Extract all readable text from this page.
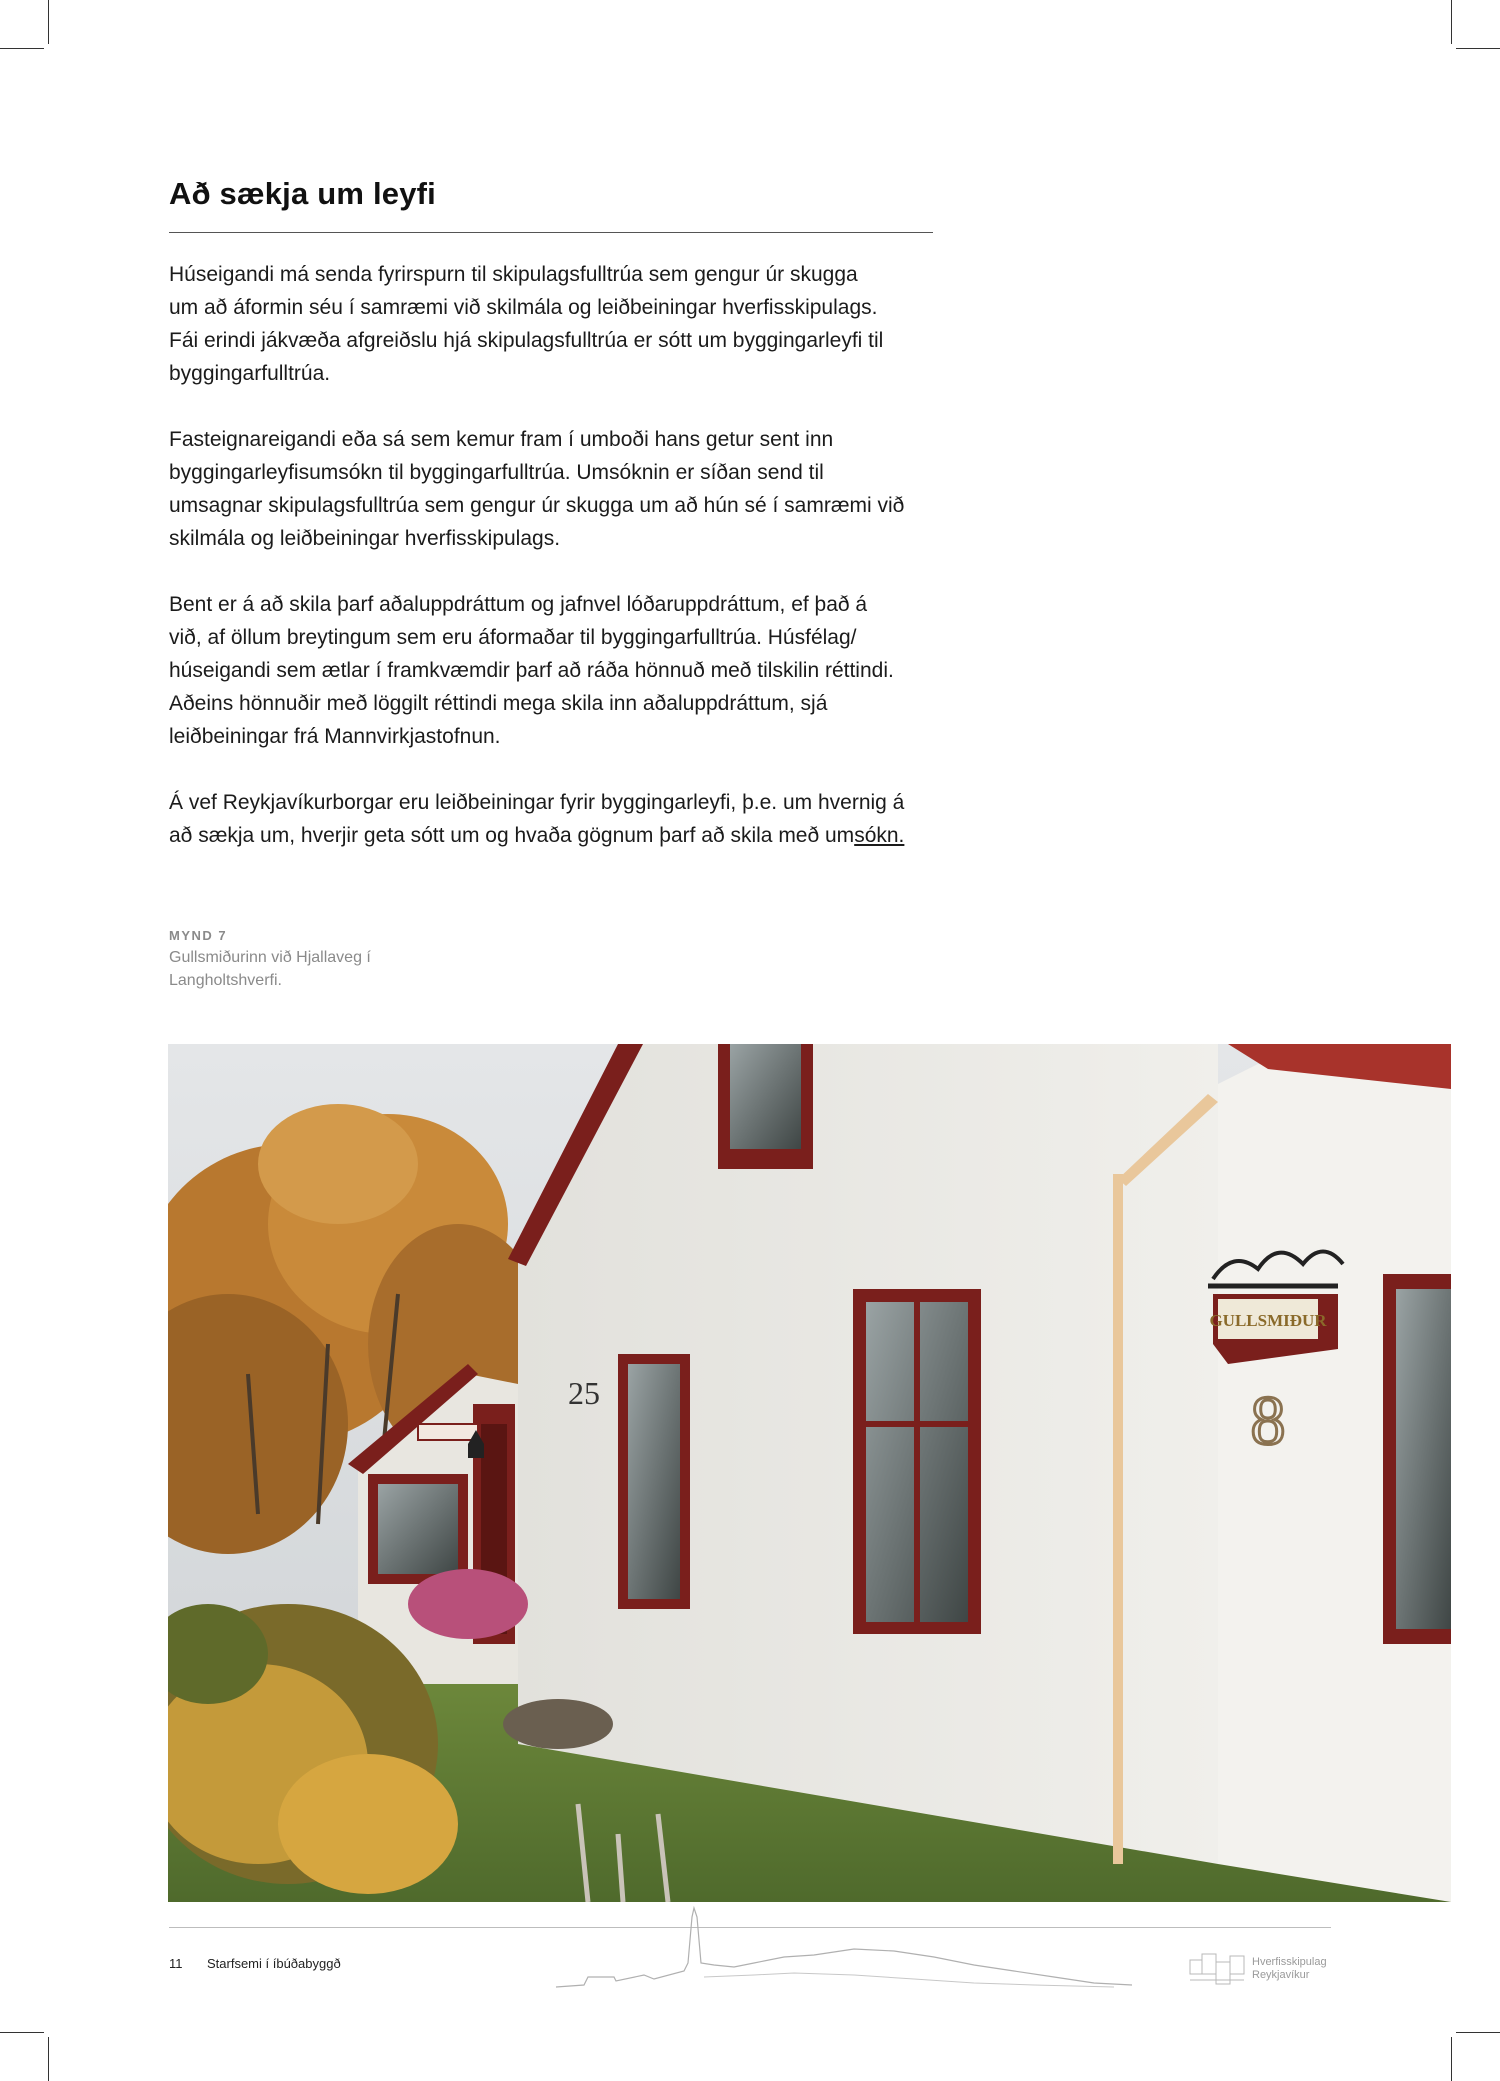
Að sækja um leyfi

Húseigandi má senda fyrirspurn til skipulagsfulltrúa sem gengur úr skugga
um að áformin séu í samræmi við skilmála og leiðbeiningar hverfisskipulags.
Fái erindi jákvæða afgreiðslu hjá skipulagsfulltrúa er sótt um byggingarleyfi til
byggingarfulltrúa.

Fasteignareigandi eða sá sem kemur fram í umboði hans getur sent inn
byggingarleyfisumsókn til byggingarfulltrúa. Umsóknin er síðan send til
umsagnar skipulagsfulltrúa sem gengur úr skugga um að hún sé í samræmi við
skilmála og leiðbeiningar hverfisskipulags.

Bent er á að skila þarf aðaluppdráttum og jafnvel lóðaruppdráttum, ef það á
við, af öllum breytingum sem eru áformaðar til byggingarfulltrúa. Húsfélag/
húseigandi sem ætlar í framkvæmdir þarf að ráða hönnuð með tilskilin réttindi.
Aðeins hönnuðir með löggilt réttindi mega skila inn aðaluppdráttum, sjá
leiðbeiningar frá Mannvirkjastofnun.

Á vef Reykjavíkurborgar eru leiðbeiningar fyrir byggingarleyfi, þ.e. um hvernig á
að sækja um, hverjir geta sótt um og hvaða gögnum þarf að skila með umsókn.

MYND 7
Gullsmiðurinn við Hjallaveg í
Langholtshverfi.
GULLSMIÐUR
25	8
11 Starfsemi í íbúðabyggð	Hverfisskipulag
Reykjavíkur
